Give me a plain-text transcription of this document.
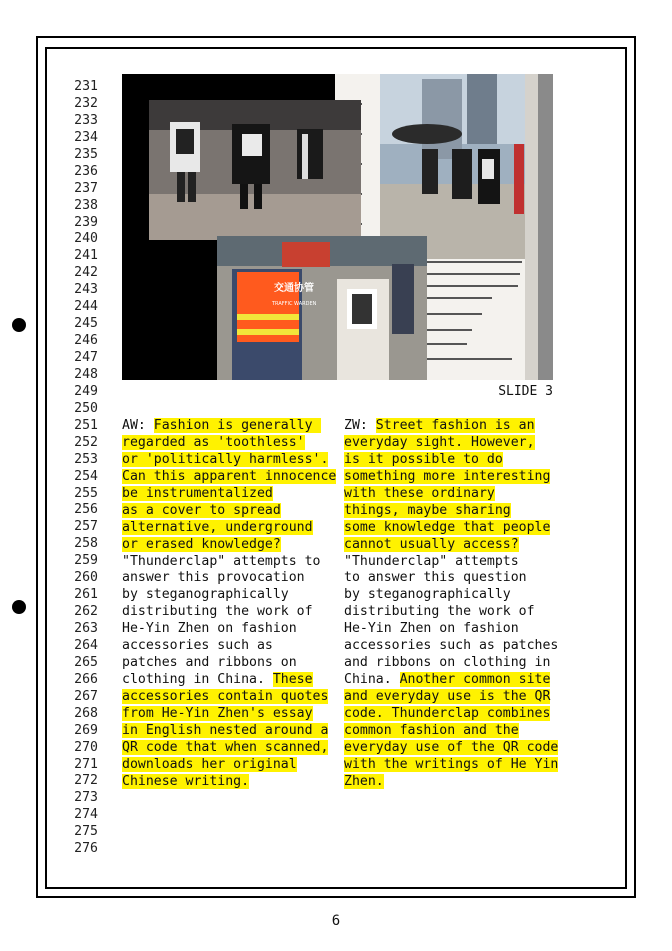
231
232
233
234
235
236
237
238
239
240
241
242
243
244
245
246
247
248
249
250
251
252
253
254
255
256
257
258
259
260
261
262
263
264
265
266
267
268
269
270
271
272
273
274
275
276
交通协管
TRAFFIC WARDEN
SLIDE 3
AW: Fashion is generally
regarded as 'toothless'
or 'politically harmless'.
Can this apparent innocence
be instrumentalized
as a cover to spread
alternative, underground
or erased knowledge?
"Thunderclap" attempts to
answer this provocation
by steganographically
distributing the work of
He-Yin Zhen on fashion
accessories such as
patches and ribbons on
clothing in China. These
accessories contain quotes
from He-Yin Zhen's essay
in English nested around a
QR code that when scanned,
downloads her original
Chinese writing.
ZW: Street fashion is an
everyday sight. However,
is it possible to do
something more interesting
with these ordinary
things, maybe sharing
some knowledge that people
cannot usually access?
"Thunderclap" attempts
to answer this question
by steganographically
distributing the work of
He-Yin Zhen on fashion
accessories such as patches
and ribbons on clothing in
China. Another common site
and everyday use is the QR
code. Thunderclap combines
common fashion and the
everyday use of the QR code
with the writings of He Yin
Zhen.
6
